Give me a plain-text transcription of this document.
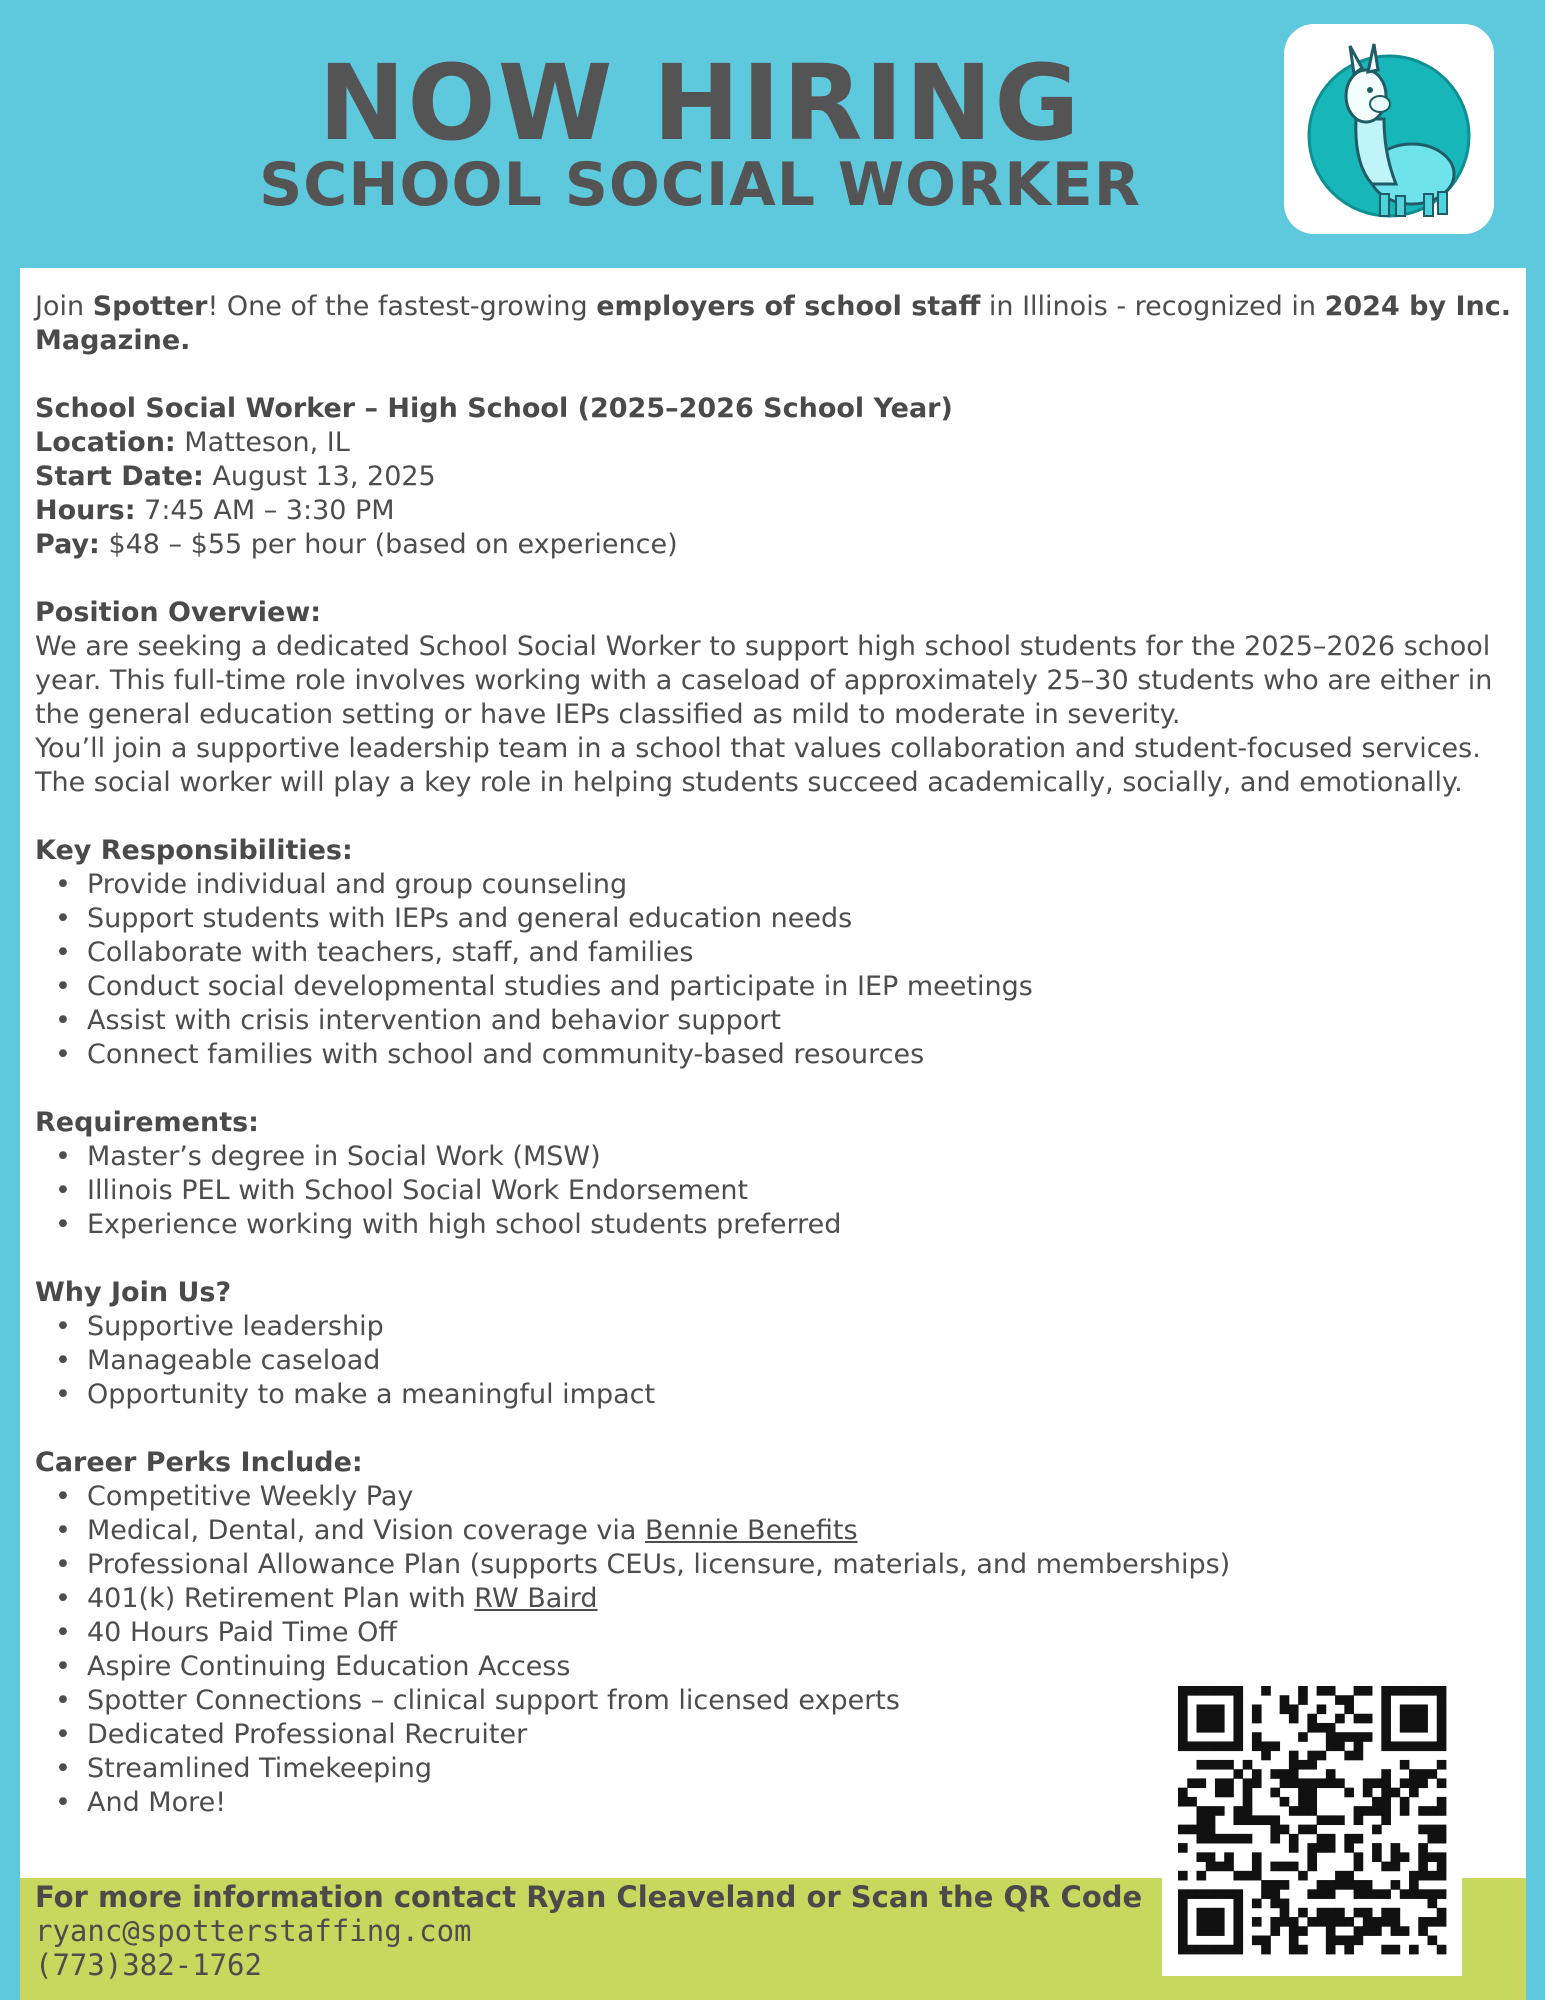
NOW HIRING
SCHOOL SOCIAL WORKER

Join Spotter! One of the fastest-growing employers of school staff in Illinois - recognized in 2024 by Inc. Magazine.

School Social Worker – High School (2025–2026 School Year)

Location: Matteson, IL

Start Date: August 13, 2025

Hours: 7:45 AM – 3:30 PM

Pay: $48 – $55 per hour (based on experience)

Position Overview:

We are seeking a dedicated School Social Worker to support high school students for the 2025–2026 school year. This full-time role involves working with a caseload of approximately 25–30 students who are either in the general education setting or have IEPs classified as mild to moderate in severity.

You’ll join a supportive leadership team in a school that values collaboration and student-focused services. The social worker will play a key role in helping students succeed academically, socially, and emotionally.

Key Responsibilities:

• Provide individual and group counseling
• Support students with IEPs and general education needs
• Collaborate with teachers, staff, and families
• Conduct social developmental studies and participate in IEP meetings
• Assist with crisis intervention and behavior support
• Connect families with school and community-based resources

Requirements:

• Master’s degree in Social Work (MSW)
• Illinois PEL with School Social Work Endorsement
• Experience working with high school students preferred

Why Join Us?

• Supportive leadership
• Manageable caseload
• Opportunity to make a meaningful impact

Career Perks Include:

• Competitive Weekly Pay
• Medical, Dental, and Vision coverage via Bennie Benefits
• Professional Allowance Plan (supports CEUs, licensure, materials, and memberships)
• 401(k) Retirement Plan with RW Baird
• 40 Hours Paid Time Off
• Aspire Continuing Education Access
• Spotter Connections – clinical support from licensed experts
• Dedicated Professional Recruiter
• Streamlined Timekeeping
• And More!
For more information contact Ryan Cleaveland or Scan the QR Code
ryanc@spotterstaffing.com
(773)382-1762
